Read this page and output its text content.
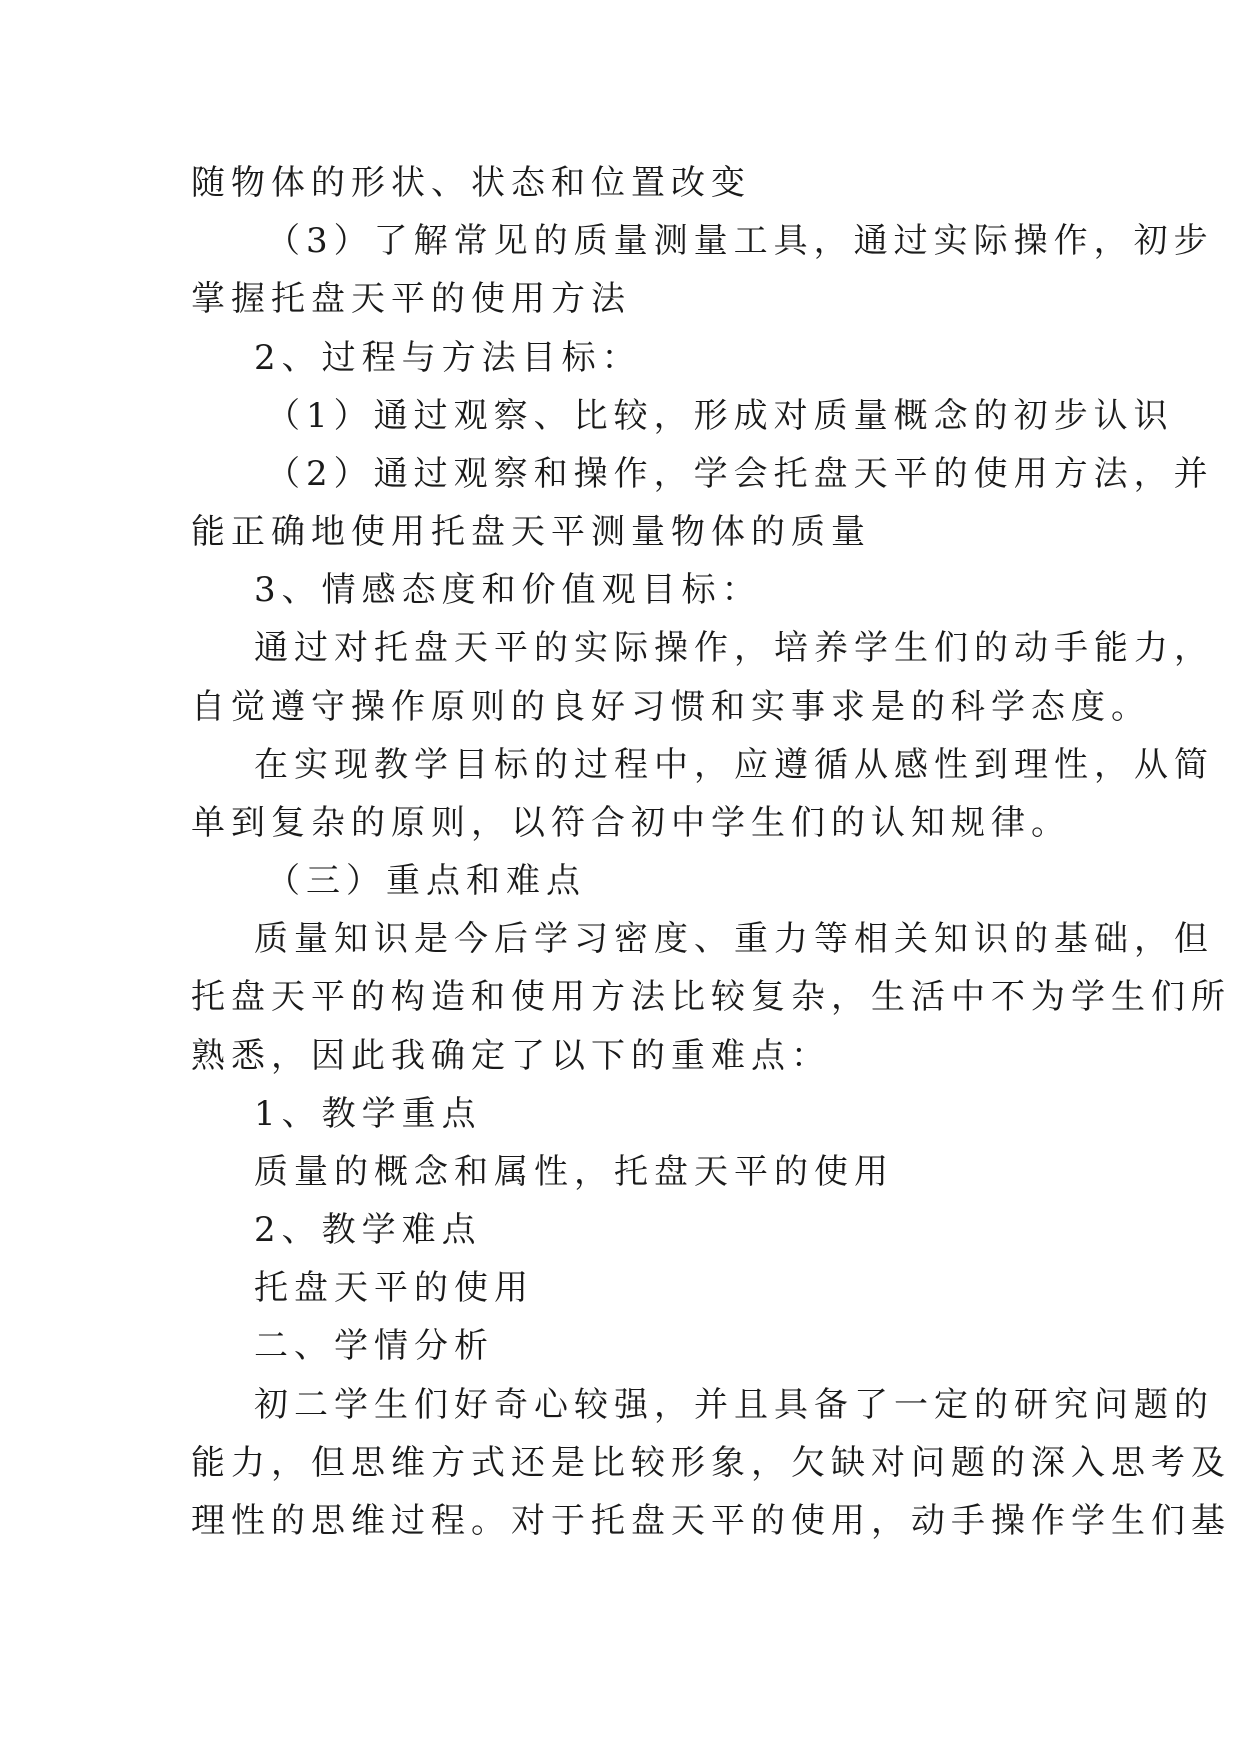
随物体的形状、状态和位置改变
（3）了解常见的质量测量工具，通过实际操作，初步
掌握托盘天平的使用方法
2、过程与方法目标：
（1）通过观察、比较，形成对质量概念的初步认识
（2）通过观察和操作，学会托盘天平的使用方法，并
能正确地使用托盘天平测量物体的质量
3、情感态度和价值观目标：
通过对托盘天平的实际操作，培养学生们的动手能力，
自觉遵守操作原则的良好习惯和实事求是的科学态度。
在实现教学目标的过程中，应遵循从感性到理性，从简
单到复杂的原则，以符合初中学生们的认知规律。
（三）重点和难点
质量知识是今后学习密度、重力等相关知识的基础，但
托盘天平的构造和使用方法比较复杂，生活中不为学生们所
熟悉，因此我确定了以下的重难点：
1、教学重点
质量的概念和属性，托盘天平的使用
2、教学难点
托盘天平的使用
二、学情分析
初二学生们好奇心较强，并且具备了一定的研究问题的
能力，但思维方式还是比较形象，欠缺对问题的深入思考及
理性的思维过程。对于托盘天平的使用，动手操作学生们基
